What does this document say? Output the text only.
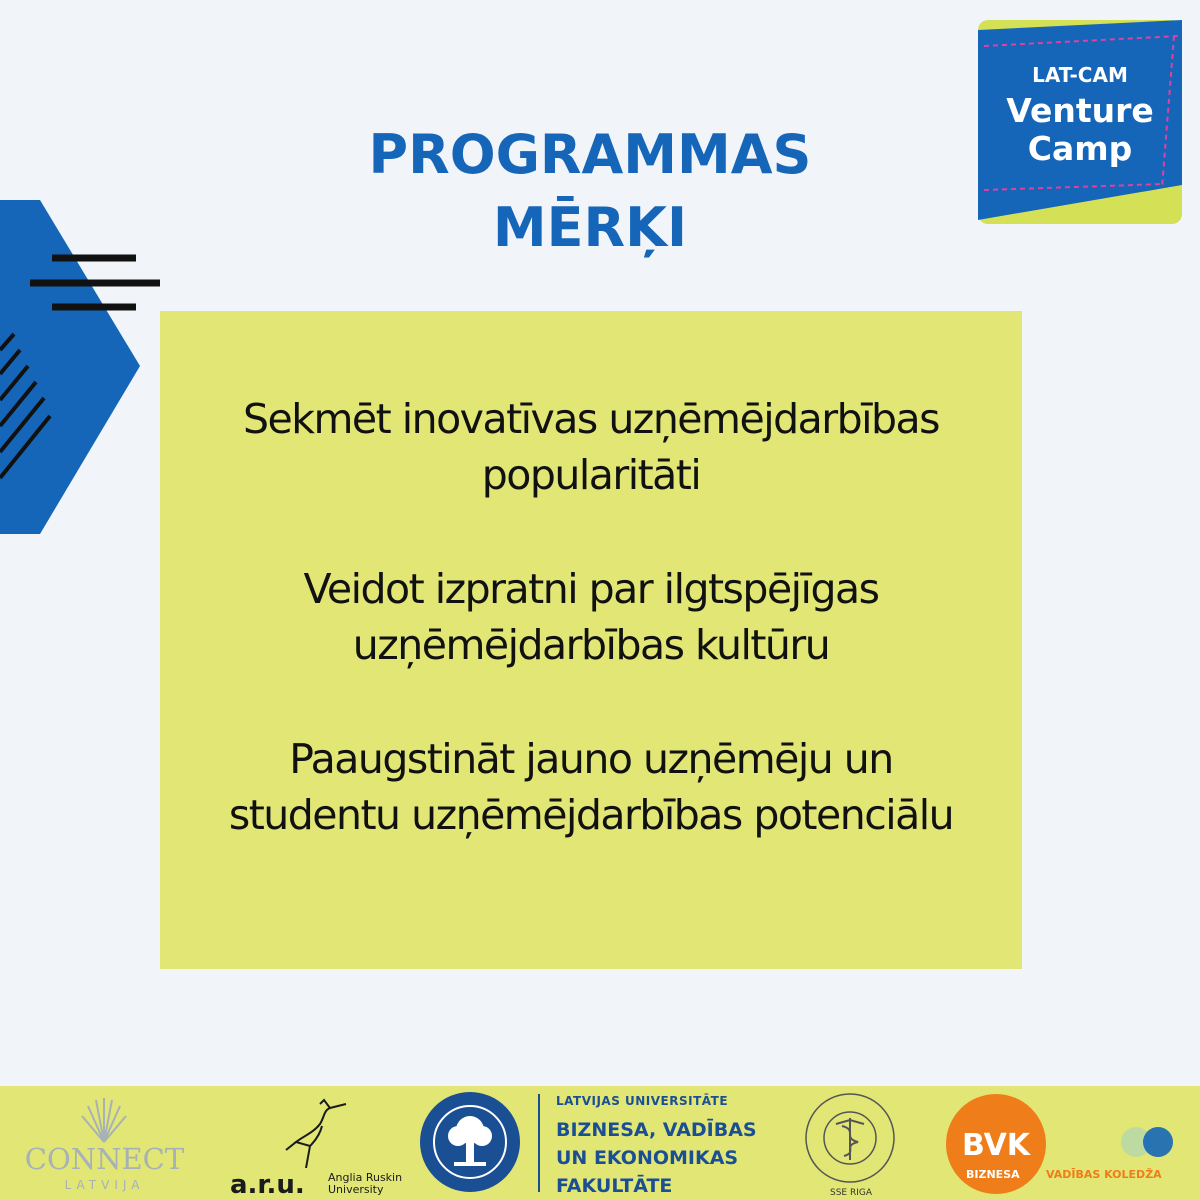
PROGRAMMAS
MĒRĶI
LAT-CAM
Venture
Camp
Sekmēt inovatīvas uzņēmējdarbības
popularitāti
Veidot izpratni par ilgtspējīgas
uzņēmējdarbības kultūru
Paaugstināt jauno uzņēmēju un
studentu uzņēmējdarbības potenciālu
CONNECT
LATVIJA	a.r.u. Anglia Ruskin
University
LATVIJAS UNIVERSITĀTE
BIZNESA, VADĪBAS
UN EKONOMIKAS
FAKULTĀTE	SSE RIGA
BVK
BIZNESA VADĪBAS KOLEDŽA
